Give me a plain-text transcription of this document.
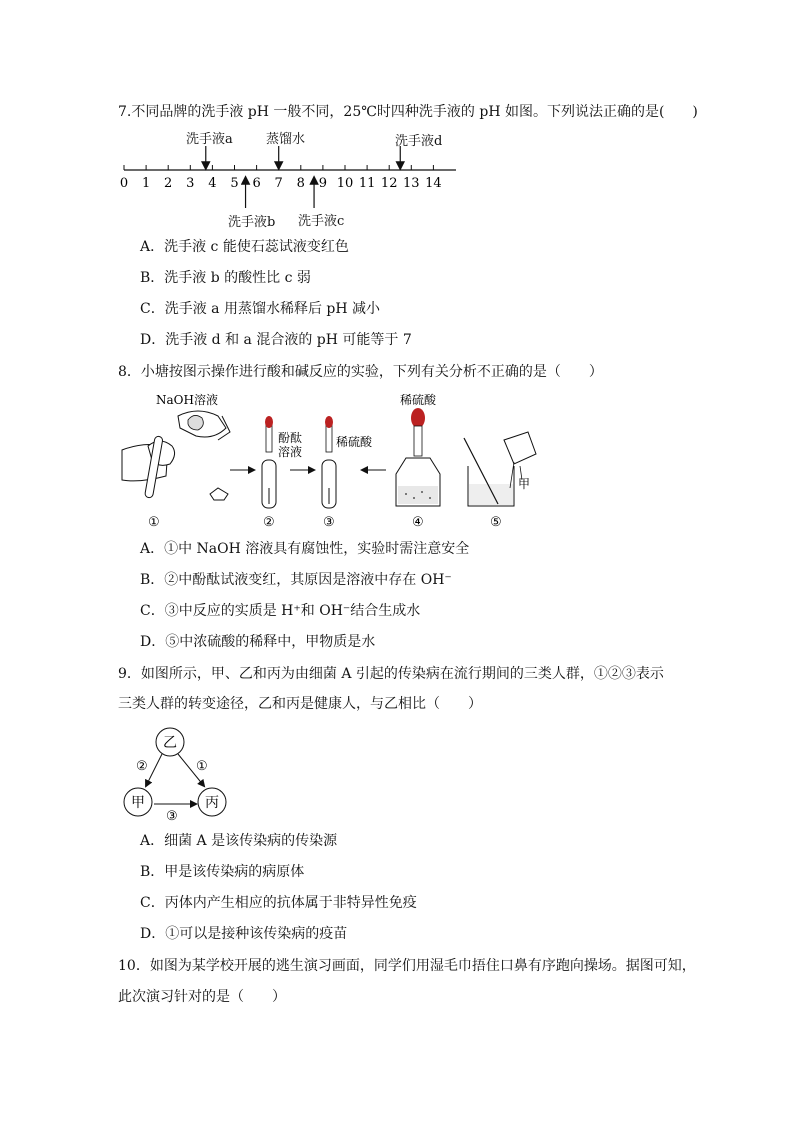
7.不同品牌的洗手液 pH 一般不同，25℃时四种洗手液的 pH 如图。下列说法正确的是(　　)
洗手液a	蒸馏水	洗手液d
洗手液b 洗手液c
0 1 2 3 4 5 6 7 8 9 10 11 12 13 14
A．洗手液 c 能使石蕊试液变红色
B．洗手液 b 的酸性比 c 弱
C．洗手液 a 用蒸馏水稀释后 pH 减小
D．洗手液 d 和 a 混合液的 pH 可能等于 7
8．小塘按图示操作进行酸和碱反应的实验，下列有关分析不正确的是（　　）
NaOH溶液
酚酞
溶液
稀硫酸
稀硫酸
甲
①	②	③	④	⑤
A．①中 NaOH 溶液具有腐蚀性，实验时需注意安全
B．②中酚酞试液变红，其原因是溶液中存在 OH⁻
C．③中反应的实质是 H⁺和 OH⁻结合生成水
D．⑤中浓硫酸的稀释中，甲物质是水
9．如图所示，甲、乙和丙为由细菌 A 引起的传染病在流行期间的三类人群，①②③表示
三类人群的转变途径，乙和丙是健康人，与乙相比（　　）
乙
甲	丙
②	①
③
A．细菌 A 是该传染病的传染源
B．甲是该传染病的病原体
C．丙体内产生相应的抗体属于非特异性免疫
D．①可以是接种该传染病的疫苗
10．如图为某学校开展的逃生演习画面，同学们用湿毛巾捂住口鼻有序跑向操场。据图可知，
此次演习针对的是（　　）
